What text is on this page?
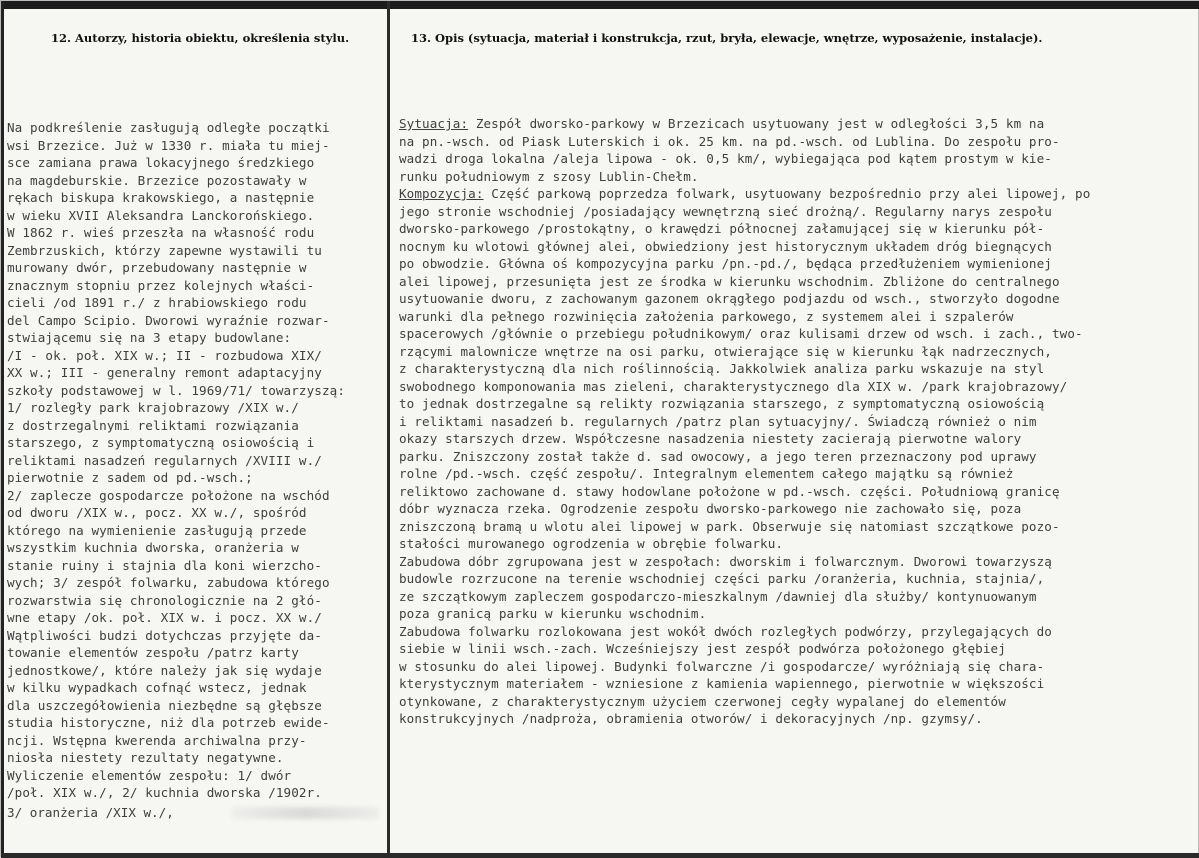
12. Autorzy, historia obiektu, określenia stylu.	13. Opis (sytuacja, materiał i konstrukcja, rzut, bryła, elewacje, wnętrze, wyposażenie, instalacje).
Na podkreślenie zasługują odległe początki
wsi Brzezice. Już w 1330 r. miała tu miej-
sce zamiana prawa lokacyjnego średzkiego
na magdeburskie. Brzezice pozostawały w
rękach biskupa krakowskiego, a następnie
w wieku XVII Aleksandra Lanckorońskiego.
W 1862 r. wieś przeszła na własność rodu
Zembrzuskich, którzy zapewne wystawili tu
murowany dwór, przebudowany następnie w
znacznym stopniu przez kolejnych właści-
cieli /od 1891 r./ z hrabiowskiego rodu
del Campo Scipio. Dworowi wyraźnie rozwar-
stwiającemu się na 3 etapy budowlane:
/I - ok. poł. XIX w.; II - rozbudowa XIX/
XX w.; III - generalny remont adaptacyjny
szkoły podstawowej w l. 1969/71/ towarzyszą:
1/ rozległy park krajobrazowy /XIX w./
z dostrzegalnymi reliktami rozwiązania
starszego, z symptomatyczną osiowością i
reliktami nasadzeń regularnych /XVIII w./
pierwotnie z sadem od pd.-wsch.;
2/ zaplecze gospodarcze położone na wschód
od dworu /XIX w., pocz. XX w./, spośród
którego na wymienienie zasługują przede
wszystkim kuchnia dworska, oranżeria w
stanie ruiny i stajnia dla koni wierzcho-
wych; 3/ zespół folwarku, zabudowa którego
rozwarstwia się chronologicznie na 2 głó-
wne etapy /ok. poł. XIX w. i pocz. XX w./
Wątpliwości budzi dotychczas przyjęte da-
towanie elementów zespołu /patrz karty
jednostkowe/, które należy jak się wydaje
w kilku wypadkach cofnąć wstecz, jednak
dla uszczegółowienia niezbędne są głębsze
studia historyczne, niż dla potrzeb ewide-
ncji. Wstępna kwerenda archiwalna przy-
niosła niestety rezultaty negatywne.
Wyliczenie elementów zespołu: 1/ dwór
/poł. XIX w./, 2/ kuchnia dworska /1902r.
3/ oranżeria /XIX w./,
Sytuacja: Zespół dworsko-parkowy w Brzezicach usytuowany jest w odległości 3,5 km na
na pn.-wsch. od Piask Luterskich i ok. 25 km. na pd.-wsch. od Lublina. Do zespołu pro-
wadzi droga lokalna /aleja lipowa - ok. 0,5 km/, wybiegająca pod kątem prostym w kie-
runku południowym z szosy Lublin-Chełm.
Kompozycja: Część parkową poprzedza folwark, usytuowany bezpośrednio przy alei lipowej, po
jego stronie wschodniej /posiadający wewnętrzną sieć drożną/. Regularny narys zespołu
dworsko-parkowego /prostokątny, o krawędzi północnej załamującej się w kierunku pół-
nocnym ku wlotowi głównej alei, obwiedziony jest historycznym układem dróg biegnących
po obwodzie. Główna oś kompozycyjna parku /pn.-pd./, będąca przedłużeniem wymienionej
alei lipowej, przesunięta jest ze środka w kierunku wschodnim. Zbliżone do centralnego
usytuowanie dworu, z zachowanym gazonem okrągłego podjazdu od wsch., stworzyło dogodne
warunki dla pełnego rozwinięcia założenia parkowego, z systemem alei i szpalerów
spacerowych /głównie o przebiegu południkowym/ oraz kulisami drzew od wsch. i zach., two-
rzącymi malownicze wnętrze na osi parku, otwierające się w kierunku łąk nadrzecznych,
z charakterystyczną dla nich roślinnością. Jakkolwiek analiza parku wskazuje na styl
swobodnego komponowania mas zieleni, charakterystycznego dla XIX w. /park krajobrazowy/
to jednak dostrzegalne są relikty rozwiązania starszego, z symptomatyczną osiowością
i reliktami nasadzeń b. regularnych /patrz plan sytuacyjny/. Świadczą również o nim
okazy starszych drzew. Współczesne nasadzenia niestety zacierają pierwotne walory
parku. Zniszczony został także d. sad owocowy, a jego teren przeznaczony pod uprawy
rolne /pd.-wsch. część zespołu/. Integralnym elementem całego majątku są również
reliktowo zachowane d. stawy hodowlane położone w pd.-wsch. części. Południową granicę
dóbr wyznacza rzeka. Ogrodzenie zespołu dworsko-parkowego nie zachowało się, poza
zniszczoną bramą u wlotu alei lipowej w park. Obserwuje się natomiast szczątkowe pozo-
stałości murowanego ogrodzenia w obrębie folwarku.
Zabudowa dóbr zgrupowana jest w zespołach: dworskim i folwarcznym. Dworowi towarzyszą
budowle rozrzucone na terenie wschodniej części parku /oranżeria, kuchnia, stajnia/,
ze szczątkowym zapleczem gospodarczo-mieszkalnym /dawniej dla służby/ kontynuowanym
poza granicą parku w kierunku wschodnim.
Zabudowa folwarku rozlokowana jest wokół dwóch rozległych podwórzy, przylegających do
siebie w linii wsch.-zach. Wcześniejszy jest zespół podwórza położonego głębiej
w stosunku do alei lipowej. Budynki folwarczne /i gospodarcze/ wyróżniają się chara-
kterystycznym materiałem - wzniesione z kamienia wapiennego, pierwotnie w większości
otynkowane, z charakterystycznym użyciem czerwonej cegły wypalanej do elementów
konstrukcyjnych /nadproża, obramienia otworów/ i dekoracyjnych /np. gzymsy/.
